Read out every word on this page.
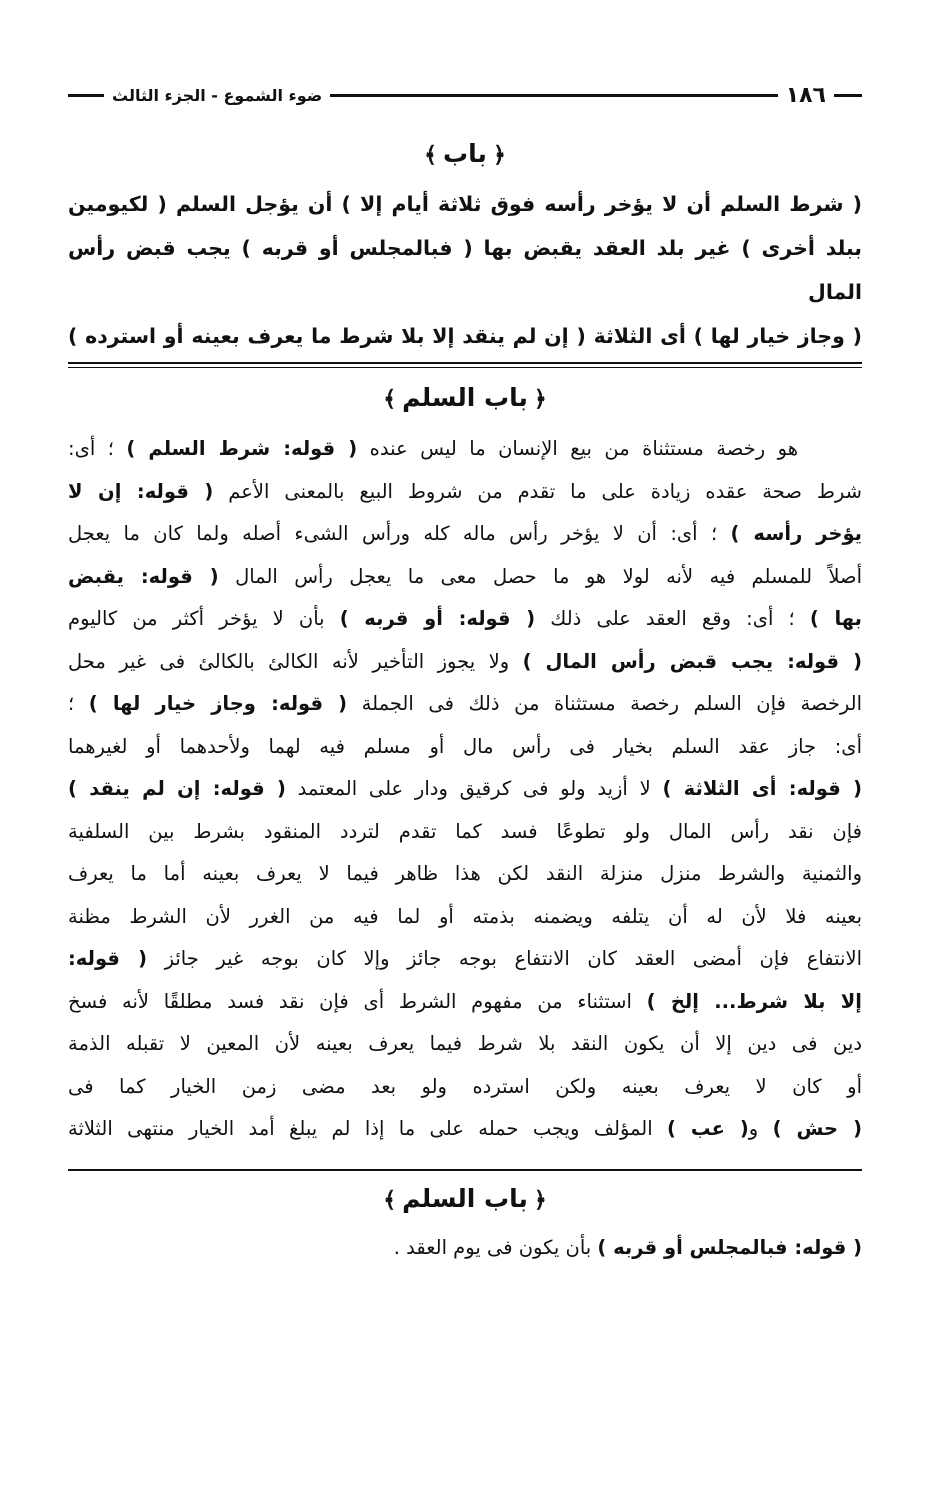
١٨٦
ضوء الشموع - الجزء الثالث
﴿باب﴾

( شرط السلم أن لا يؤخر رأسه فوق ثلاثة أيام إلا ) أن يؤجل السلم ( لكيومين

ببلد أخرى ) غير بلد العقد يقبض بها ( فبالمجلس أو قربه ) يجب قبض رأس المال

( وجاز خيار لها ) أى الثلاثة ( إن لم ينقد إلا بلا شرط ما يعرف بعينه أو استرده )

﴿باب السلم﴾
هو رخصة مستثناة من بيع الإنسان ما ليس عنده ( قوله: شرط السلم ) ؛ أى:
شرط صحة عقده زيادة على ما تقدم من شروط البيع بالمعنى الأعم ( قوله: إن لا
يؤخر رأسه ) ؛ أى: أن لا يؤخر رأس ماله كله ورأس الشىء أصله ولما كان ما يعجل
أصلاً للمسلم فيه لأنه لولا هو ما حصل معى ما يعجل رأس المال ( قوله: يقبض
بها ) ؛ أى: وقع العقد على ذلك ( قوله: أو قربه ) بأن لا يؤخر أكثر من كاليوم
( قوله: يجب قبض رأس المال ) ولا يجوز التأخير لأنه الكالئ بالكالئ فى غير محل
الرخصة فإن السلم رخصة مستثناة من ذلك فى الجملة ( قوله: وجاز خيار لها ) ؛
أى: جاز عقد السلم بخيار فى رأس مال أو مسلم فيه لهما ولأحدهما أو لغيرهما
( قوله: أى الثلاثة ) لا أزيد ولو فى كرقيق ودار على المعتمد ( قوله: إن لم ينقد )
فإن نقد رأس المال ولو تطوعًا فسد كما تقدم لتردد المنقود بشرط بين السلفية
والثمنية والشرط منزل منزلة النقد لكن هذا ظاهر فيما لا يعرف بعينه أما ما يعرف
بعينه فلا لأن له أن يتلفه ويضمنه بذمته أو لما فيه من الغرر لأن الشرط مظنة
الانتفاع فإن أمضى العقد كان الانتفاع بوجه جائز وإلا كان بوجه غير جائز ( قوله:
إلا بلا شرط... إلخ ) استثناء من مفهوم الشرط أى فإن نقد فسد مطلقًا لأنه فسخ
دين فى دين إلا أن يكون النقد بلا شرط فيما يعرف بعينه لأن المعين لا تقبله الذمة
أو كان لا يعرف بعينه ولكن استرده ولو بعد مضى زمن الخيار كما فى
( حش ) و( عب ) المؤلف ويجب حمله على ما إذا لم يبلغ أمد الخيار منتهى الثلاثة
﴿باب السلم﴾

( قوله: فبالمجلس أو قربه ) بأن يكون فى يوم العقد .
